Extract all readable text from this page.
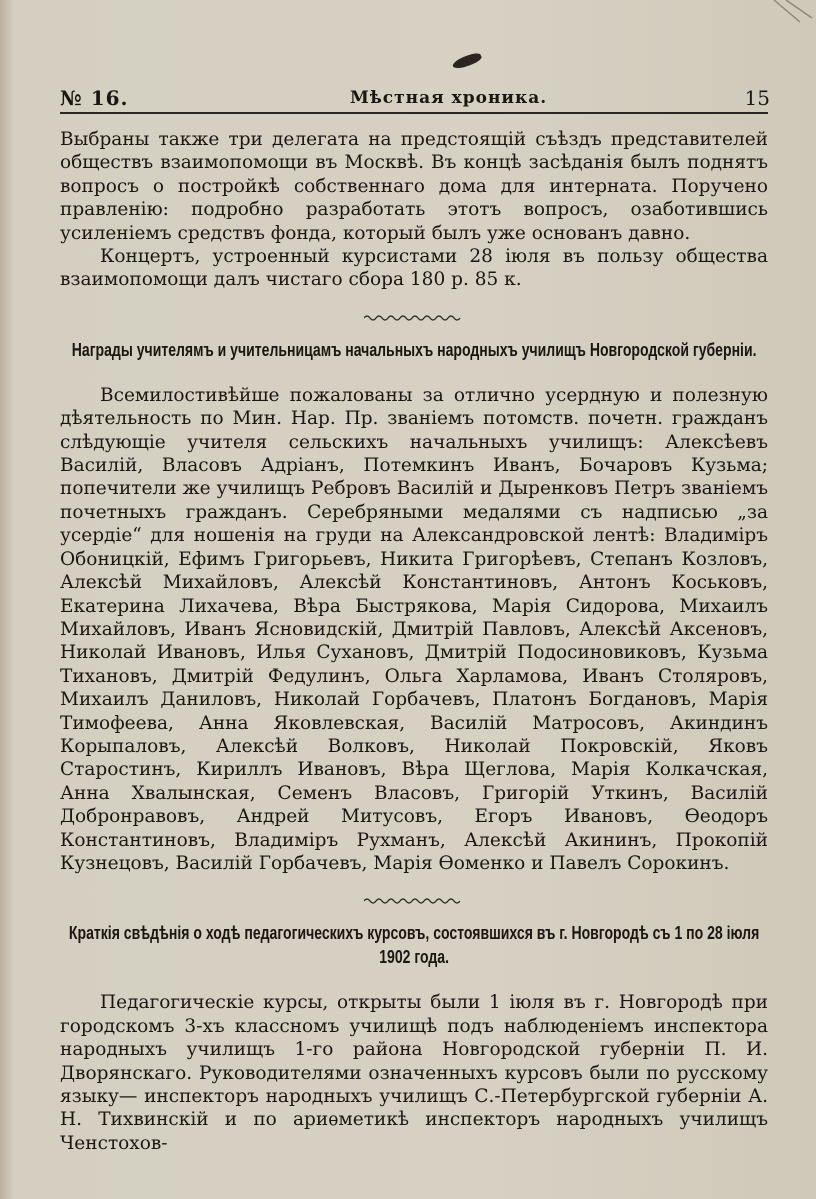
№ 16.	Мѣстная хроника.	15

Выбраны также три делегата на предстоящій съѣздъ представителей обществъ взаимопомощи въ Москвѣ. Въ концѣ засѣданія былъ поднятъ вопросъ о постройкѣ собственнаго дома для интерната. Поручено правленію: подробно разработать этотъ вопросъ, озаботившись усиленіемъ средствъ фонда, который былъ уже основанъ давно.

Концертъ, устроенный курсистами 28 іюля въ пользу общества взаимопомощи далъ чистаго сбора 180 р. 85 к.

Награды учителямъ и учительницамъ начальныхъ народныхъ училищъ Новгородской губерніи.

Всемилостивѣйше пожалованы за отлично усердную и полезную дѣятельность по Мин. Нар. Пр. званіемъ потомств. почетн. гражданъ слѣдующіе учителя сельскихъ начальныхъ училищъ: Алексѣевъ Василій, Власовъ Адріанъ, Потемкинъ Иванъ, Бочаровъ Кузьма; попечители же училищъ Ребровъ Василій и Дыренковъ Петръ званіемъ почетныхъ гражданъ. Серебряными медалями съ надписью „за усердіе“ для ношенія на груди на Александровской лентѣ: Владиміръ Обоницкій, Ефимъ Григорьевъ, Никита Григорѣевъ, Степанъ Козловъ, Алексѣй Михайловъ, Алексѣй Константиновъ, Антонъ Коськовъ, Екатерина Лихачева, Вѣра Быстрякова, Марія Сидорова, Михаилъ Михайловъ, Иванъ Ясновидскій, Дмитрій Павловъ, Алексѣй Аксеновъ, Николай Ивановъ, Илья Сухановъ, Дмитрій Подосиновиковъ, Кузьма Тихановъ, Дмитрій Федулинъ, Ольга Харламова, Иванъ Столяровъ, Михаилъ Даниловъ, Николай Горбачевъ, Платонъ Богдановъ, Марія Тимофеева, Анна Яковлевская, Василій Матросовъ, Акиндинъ Корыпаловъ, Алексѣй Волковъ, Николай Покровскій, Яковъ Старостинъ, Кириллъ Ивановъ, Вѣра Щеглова, Марія Колкачская, Анна Хвалынская, Семенъ Власовъ, Григорій Уткинъ, Василій Добронравовъ, Андрей Митусовъ, Егоръ Ивановъ, Ѳеодоръ Константиновъ, Владиміръ Рухманъ, Алексѣй Акининъ, Прокопій Кузнецовъ, Василій Горбачевъ, Марія Ѳоменко и Павелъ Сорокинъ.

Краткія свѣдѣнія о ходѣ педагогическихъ курсовъ, состоявшихся въ г. Новгородѣ съ 1 по 28 іюля 1902 года.

Педагогическіе курсы, открыты были 1 іюля въ г. Новгородѣ при городскомъ 3-хъ классномъ училищѣ подъ наблюденіемъ инспектора народныхъ училищъ 1-го района Новгородской губерніи П. И. Дворянскаго. Руководителями означенныхъ курсовъ были по русскому языку— инспекторъ народныхъ училищъ С.-Петербургской губерніи А. Н. Тихвинскій и по ариѳметикѣ инспекторъ народныхъ училищъ Ченстохов-
